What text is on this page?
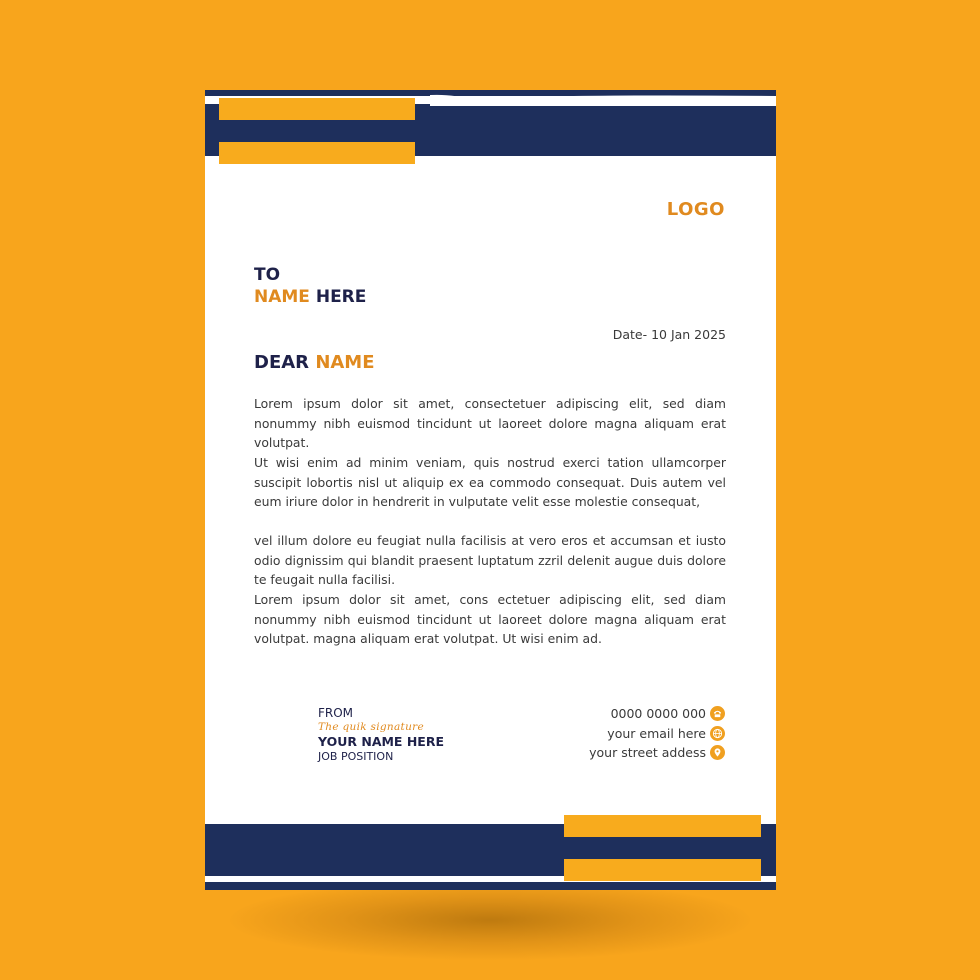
LOGO
TO
NAME HERE
Date- 10 Jan 2025
DEAR NAME

Lorem ipsum dolor sit amet, consectetuer adipiscing elit, sed diam nonummy nibh euismod tincidunt ut laoreet dolore magna aliquam erat volutpat.

Ut wisi enim ad minim veniam, quis nostrud exerci tation ullamcorper suscipit lobortis nisl ut aliquip ex ea commodo consequat. Duis autem vel eum iriure dolor in hendrerit in vulputate velit esse molestie consequat,

vel illum dolore eu feugiat nulla facilisis at vero eros et accumsan et iusto odio dignissim qui blandit praesent luptatum zzril delenit augue duis dolore te feugait nulla facilisi.

Lorem ipsum dolor sit amet, cons ectetuer adipiscing elit, sed diam nonummy nibh euismod tincidunt ut laoreet dolore magna aliquam erat volutpat. magna aliquam erat volutpat. Ut wisi enim ad.

FROM
The quik signature
YOUR NAME HERE
JOB POSITION
0000 0000 000
your email here
your street addess
